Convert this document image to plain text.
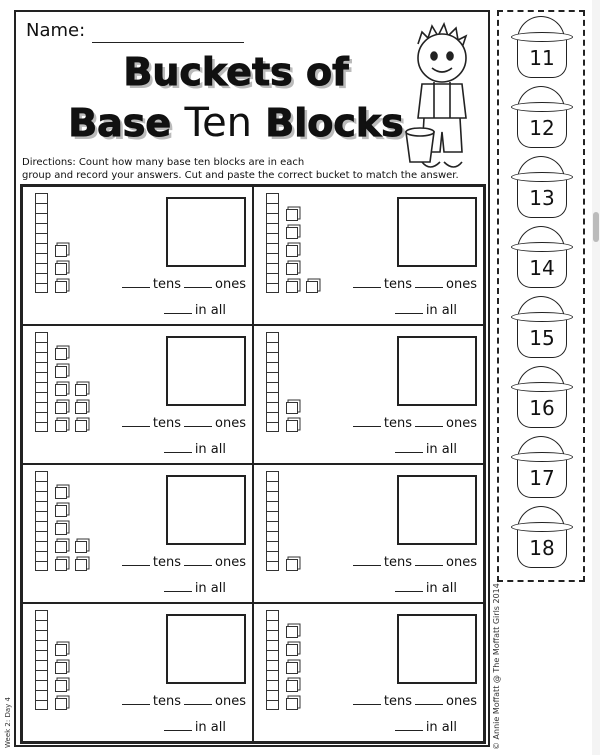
Name:
Buckets of
Base Ten Blocks
Directions: Count how many base ten blocks are in each
group and record your answers. Cut and paste the correct bucket to match the answer.
tens	ones
in all
tens	ones
in all
tens	ones
in all
tens	ones
in all
tens	ones
in all
tens	ones
in all
tens	ones
in all
tens	ones
in all
11
12
13
14
15
16
17
18
© Annie Moffatt @ The Moffatt Girls 2014
Week 2: Day 4
